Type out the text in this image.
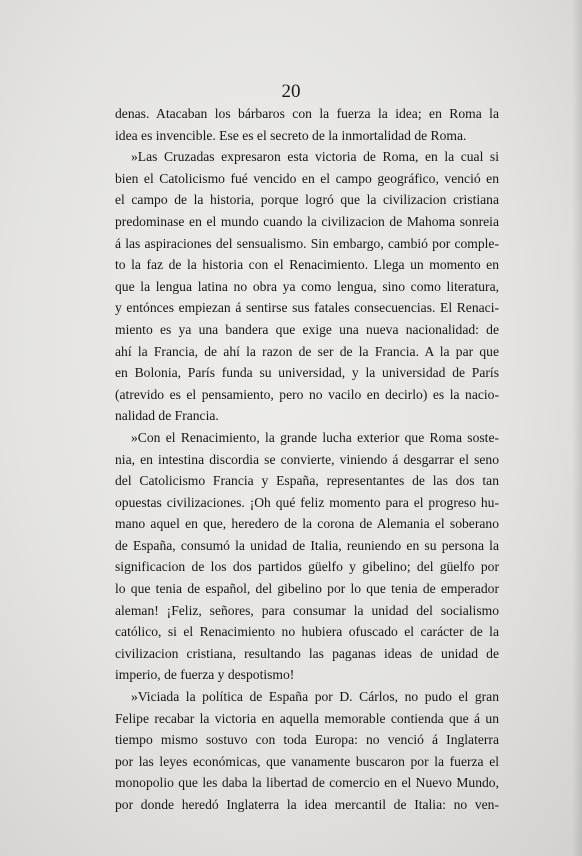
20
denas. Atacaban los bárbaros con la fuerza la idea; en Roma la
idea es invencible. Ese es el secreto de la inmortalidad de Roma.
»Las Cruzadas expresaron esta victoria de Roma, en la cual si
bien el Catolicismo fué vencido en el campo geográfico, venció en
el campo de la historia, porque logró que la civilizacion cristiana
predominase en el mundo cuando la civilizacion de Mahoma sonreia
á las aspiraciones del sensualismo. Sin embargo, cambió por comple-
to la faz de la historia con el Renacimiento. Llega un momento en
que la lengua latina no obra ya como lengua, sino como literatura,
y entónces empiezan á sentirse sus fatales consecuencias. El Renaci-
miento es ya una bandera que exige una nueva nacionalidad: de
ahí la Francia, de ahí la razon de ser de la Francia. A la par que
en Bolonia, París funda su universidad, y la universidad de París
(atrevido es el pensamiento, pero no vacilo en decirlo) es la nacio-
nalidad de Francia.
»Con el Renacimiento, la grande lucha exterior que Roma soste-
nia, en intestina discordia se convierte, viniendo á desgarrar el seno
del Catolicismo Francia y España, representantes de las dos tan
opuestas civilizaciones. ¡Oh qué feliz momento para el progreso hu-
mano aquel en que, heredero de la corona de Alemania el soberano
de España, consumó la unidad de Italia, reuniendo en su persona la
significacion de los dos partidos güelfo y gibelino; del güelfo por
lo que tenia de español, del gibelino por lo que tenia de emperador
aleman! ¡Feliz, señores, para consumar la unidad del socialismo
católico, si el Renacimiento no hubiera ofuscado el carácter de la
civilizacion cristiana, resultando las paganas ideas de unidad de
imperio, de fuerza y despotismo!
»Viciada la política de España por D. Cárlos, no pudo el gran
Felipe recabar la victoria en aquella memorable contienda que á un
tiempo mismo sostuvo con toda Europa: no venció á Inglaterra
por las leyes económicas, que vanamente buscaron por la fuerza el
monopolio que les daba la libertad de comercio en el Nuevo Mundo,
por donde heredó Inglaterra la idea mercantil de Italia: no ven-
